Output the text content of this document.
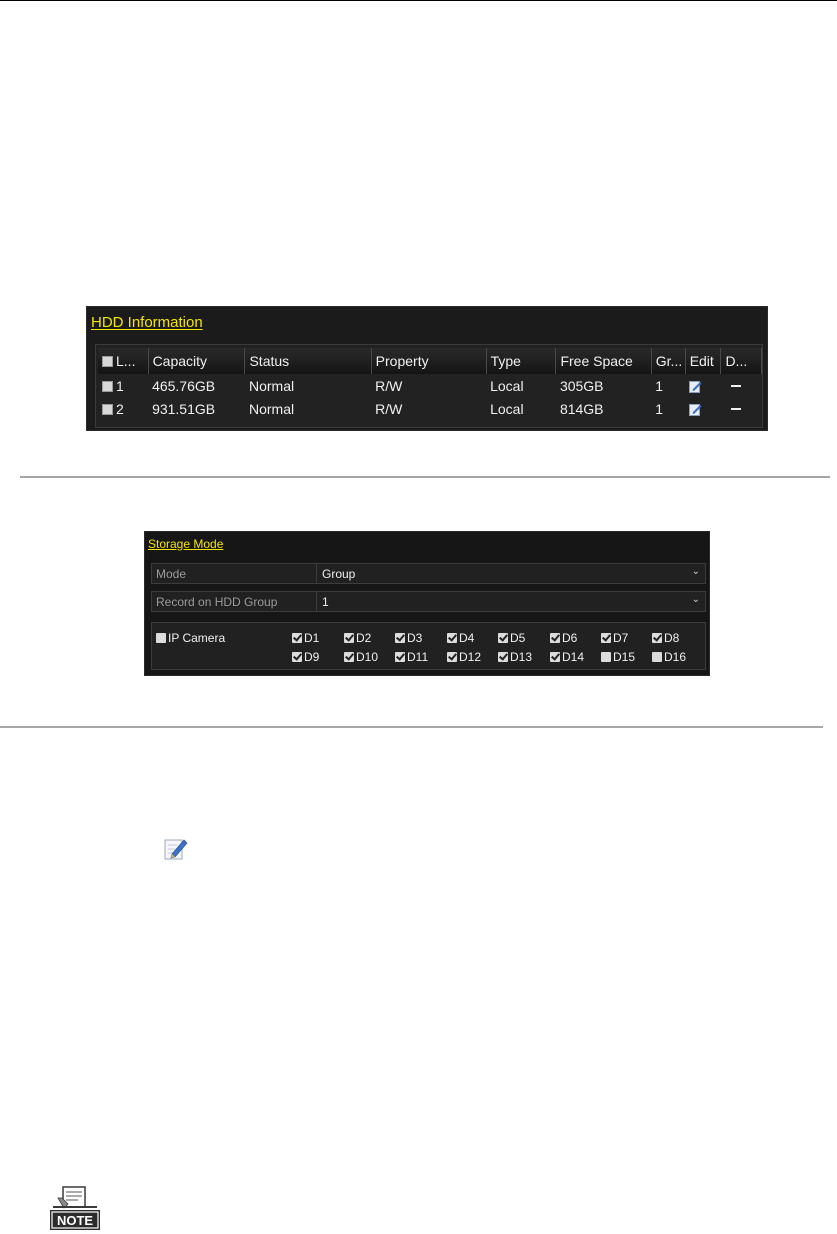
HDD Information
L...	Capacity	Status	Property	Type	Free Space	Gr...	Edit	D...
1	465.76GB	Normal	R/W	Local	305GB	1		
2	931.51GB	Normal	R/W	Local	814GB	1		
Storage Mode
Mode	Group	⌄
Record on HDD Group	1	⌄
IP Camera	D1	D2	D3	D4	D5	D6	D7	D8
D9	D10	D11	D12	D13	D14	D15	D16
NOTE
